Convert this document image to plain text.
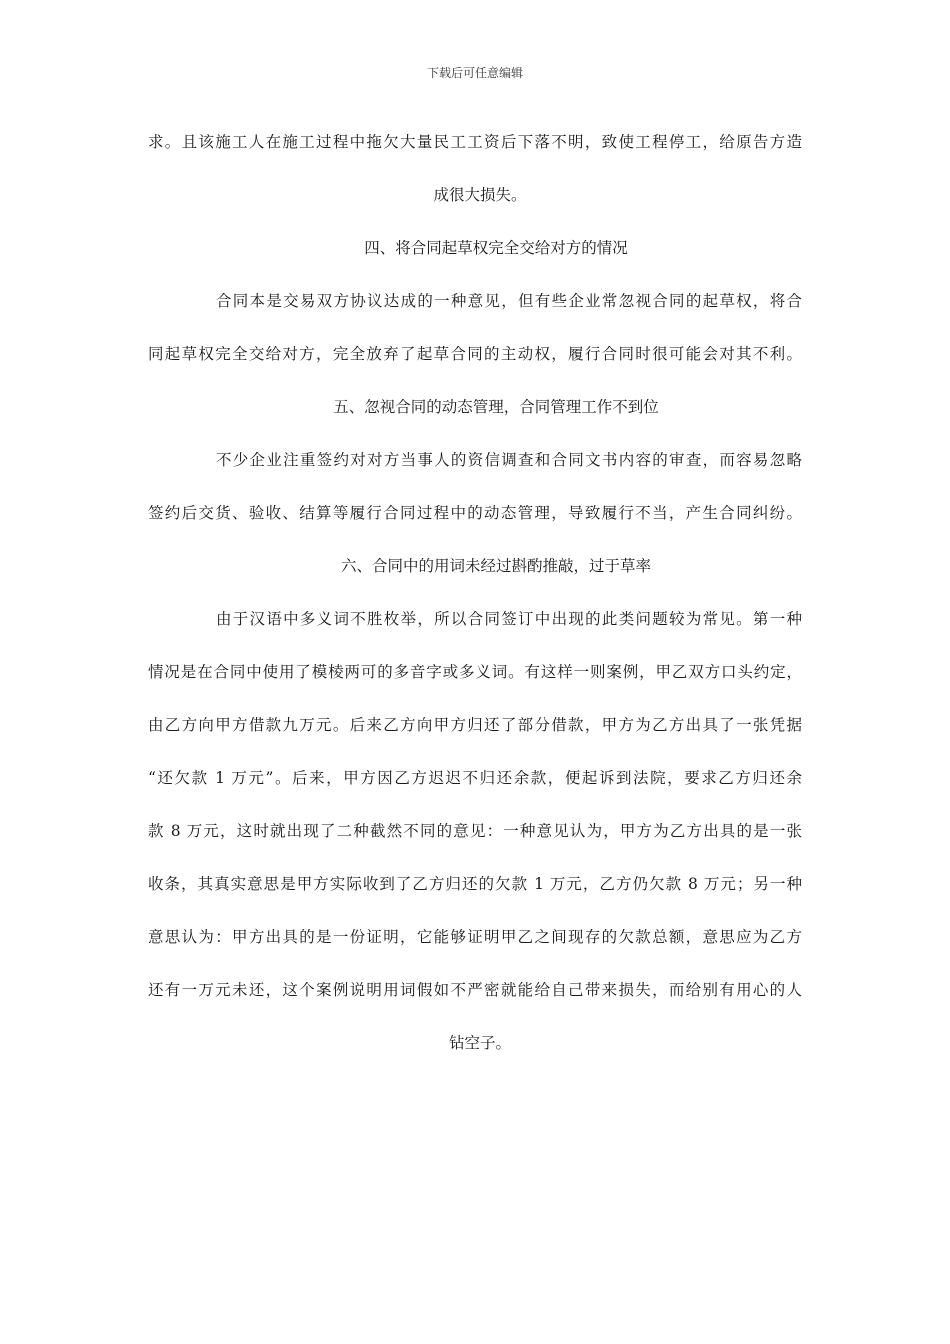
下载后可任意编辑
求。且该施工人在施工过程中拖欠大量民工工资后下落不明，致使工程停工，给原告方造
成很大损失。
四、将合同起草权完全交给对方的情况
合同本是交易双方协议达成的一种意见，但有些企业常忽视合同的起草权，将合
同起草权完全交给对方，完全放弃了起草合同的主动权，履行合同时很可能会对其不利。
五、忽视合同的动态管理，合同管理工作不到位
不少企业注重签约对对方当事人的资信调查和合同文书内容的审查，而容易忽略
签约后交货、验收、结算等履行合同过程中的动态管理，导致履行不当，产生合同纠纷。
六、合同中的用词未经过斟酌推敲，过于草率
由于汉语中多义词不胜枚举，所以合同签订中出现的此类问题较为常见。第一种
情况是在合同中使用了模棱两可的多音字或多义词。有这样一则案例，甲乙双方口头约定，
由乙方向甲方借款九万元。后来乙方向甲方归还了部分借款，甲方为乙方出具了一张凭据
“还欠款 1 万元”。后来，甲方因乙方迟迟不归还余款，便起诉到法院，要求乙方归还余
款 8 万元，这时就出现了二种截然不同的意见：一种意见认为，甲方为乙方出具的是一张
收条，其真实意思是甲方实际收到了乙方归还的欠款 1 万元，乙方仍欠款 8 万元；另一种
意思认为：甲方出具的是一份证明，它能够证明甲乙之间现存的欠款总额，意思应为乙方
还有一万元未还，这个案例说明用词假如不严密就能给自己带来损失，而给别有用心的人
钻空子。
